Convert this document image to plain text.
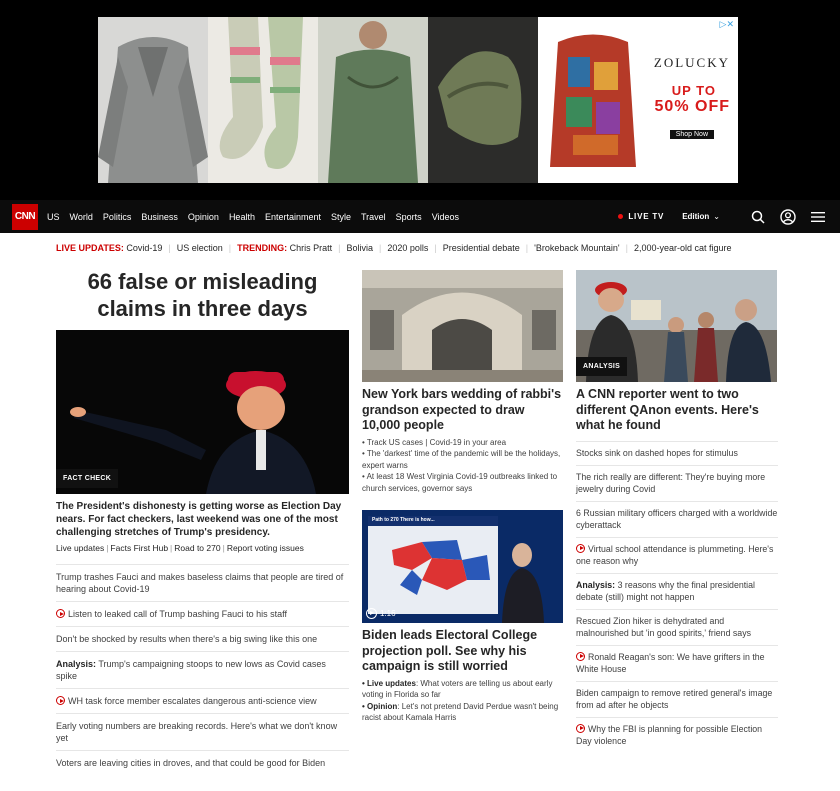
▷✕
ZOLUCKY
UP TO
50% OFF
Shop Now
CNN	US World Politics Business Opinion Health Entertainment Style Travel Sports Videos	LIVE TV Edition ⌄
LIVE UPDATES:
Covid-19 | US election | TRENDING:
Chris Pratt | Bolivia | 2020 polls | Presidential debate | 'Brokeback Mountain' | 2,000-year-old cat figure
66 false or misleading claims in three days
FACT CHECK
The President's dishonesty is getting worse as Election Day nears. For fact checkers, last weekend was one of the most challenging stretches of Trump's presidency.
Live updates | Facts First Hub | Road to 270 | Report voting issues
Trump trashes Fauci and makes baseless claims that people are tired of hearing about Covid-19
Listen to leaked call of Trump bashing Fauci to his staff
Don't be shocked by results when there's a big swing like this one
Analysis: Trump's campaigning stoops to new lows as Covid cases spike
WH task force member escalates dangerous anti-science view
Early voting numbers are breaking records. Here's what we don't know yet
Voters are leaving cities in droves, and that could be good for Biden
New York bars wedding of rabbi's grandson expected to draw 10,000 people
• Track US cases | Covid-19 in your area
• The 'darkest' time of the pandemic will be the holidays, expert warns
• At least 18 West Virginia Covid-19 outbreaks linked to church services, governor says
Path to 270 There is how...
1:16
Biden leads Electoral College projection poll. See why his campaign is still worried
• Live updates: What voters are telling us about early voting in Florida so far
• Opinion: Let's not pretend David Perdue wasn't being racist about Kamala Harris
ANALYSIS
A CNN reporter went to two different QAnon events. Here's what he found
Stocks sink on dashed hopes for stimulus
The rich really are different: They're buying more jewelry during Covid
6 Russian military officers charged with a worldwide cyberattack
Virtual school attendance is plummeting. Here's one reason why
Analysis: 3 reasons why the final presidential debate (still) might not happen
Rescued Zion hiker is dehydrated and malnourished but 'in good spirits,' friend says
Ronald Reagan's son: We have grifters in the White House
Biden campaign to remove retired general's image from ad after he objects
Why the FBI is planning for possible Election Day violence
